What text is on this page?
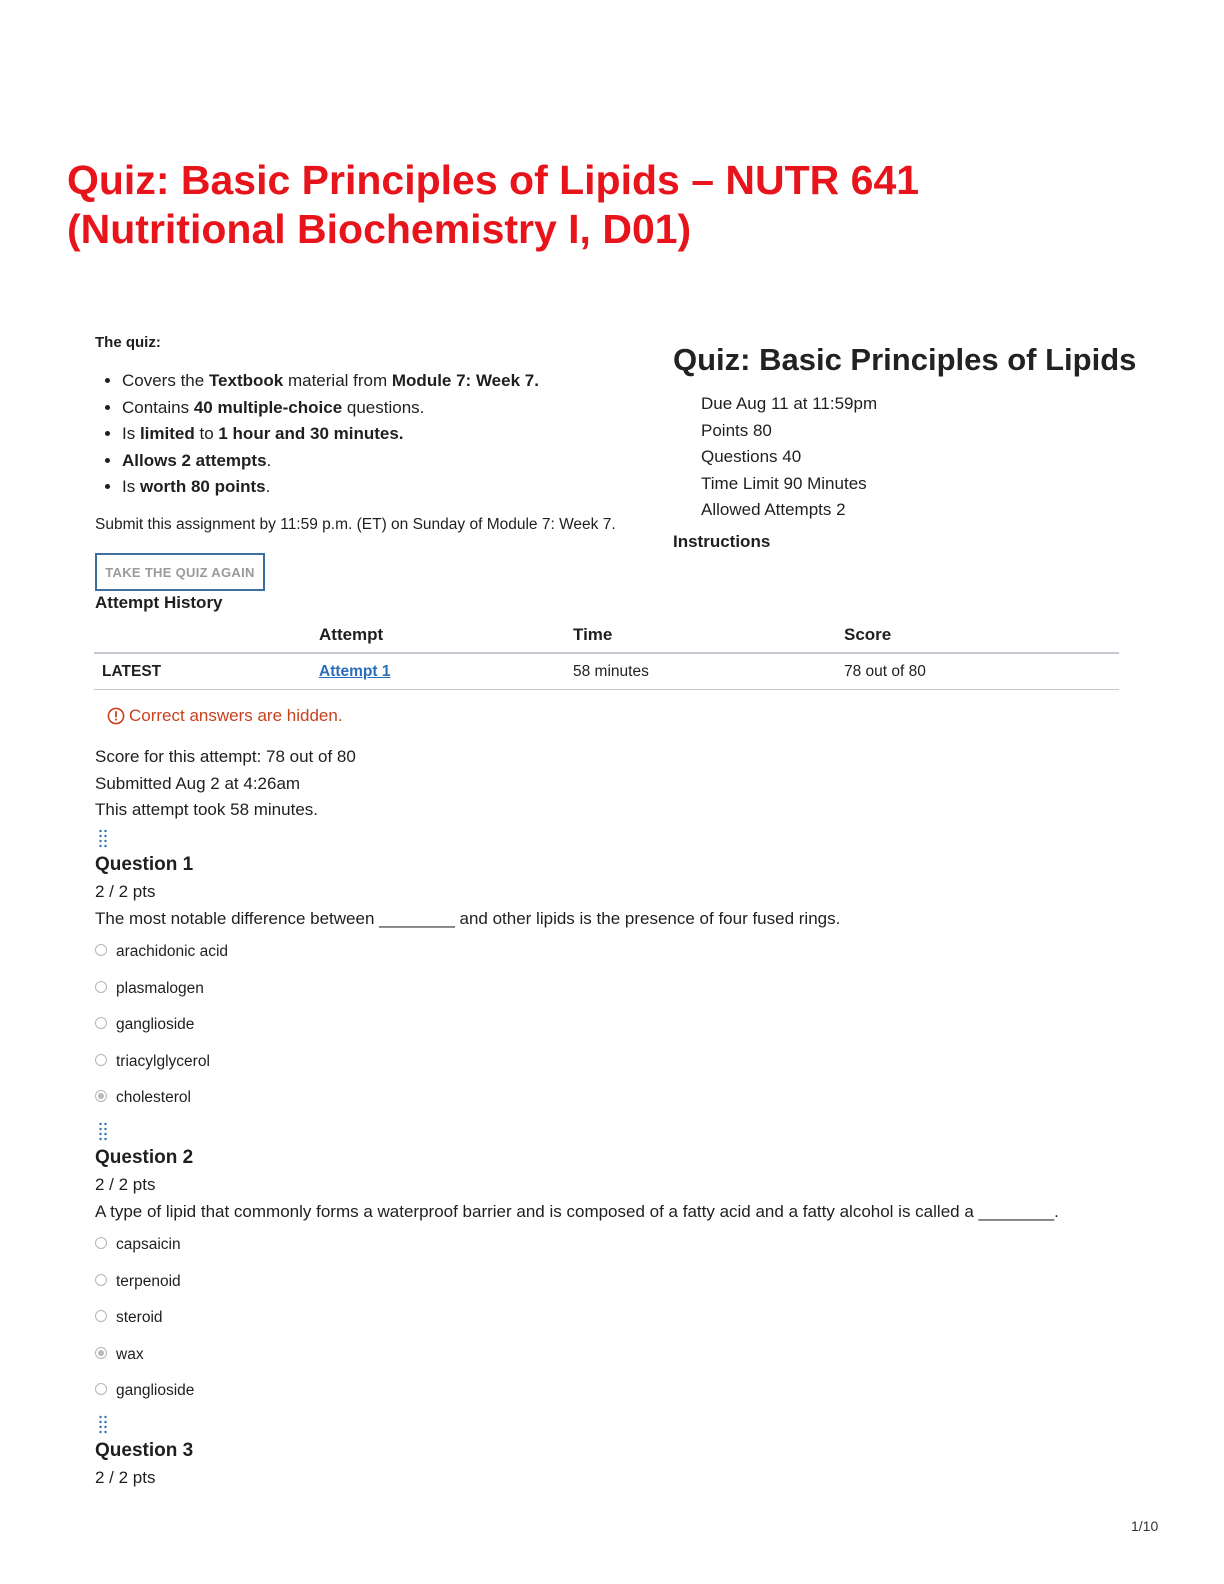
Quiz: Basic Principles of Lipids – NUTR 641 (Nutritional Biochemistry I, D01)
The quiz:
• Covers the Textbook material from Module 7: Week 7.
• Contains 40 multiple-choice questions.
• Is limited to 1 hour and 30 minutes.
• Allows 2 attempts.
• Is worth 80 points.
Submit this assignment by 11:59 p.m. (ET) on Sunday of Module 7: Week 7.
TAKE THE QUIZ AGAIN
Attempt History
Quiz: Basic Principles of Lipids
Due Aug 11 at 11:59pm
Points 80
Questions 40
Time Limit 90 Minutes
Allowed Attempts 2
Instructions
	Attempt	Time	Score
LATEST	Attempt 1	58 minutes	78 out of 80
Correct answers are hidden.
Score for this attempt: 78 out of 80
Submitted Aug 2 at 4:26am
This attempt took 58 minutes.
Question 1
2 / 2 pts
The most notable difference between ________ and other lipids is the presence of four fused rings.
arachidonic acid
plasmalogen
ganglioside
triacylglycerol
cholesterol
Question 2
2 / 2 pts
A type of lipid that commonly forms a waterproof barrier and is composed of a fatty acid and a fatty alcohol is called a ________.
capsaicin
terpenoid
steroid
wax
ganglioside
Question 3
2 / 2 pts
1/10
